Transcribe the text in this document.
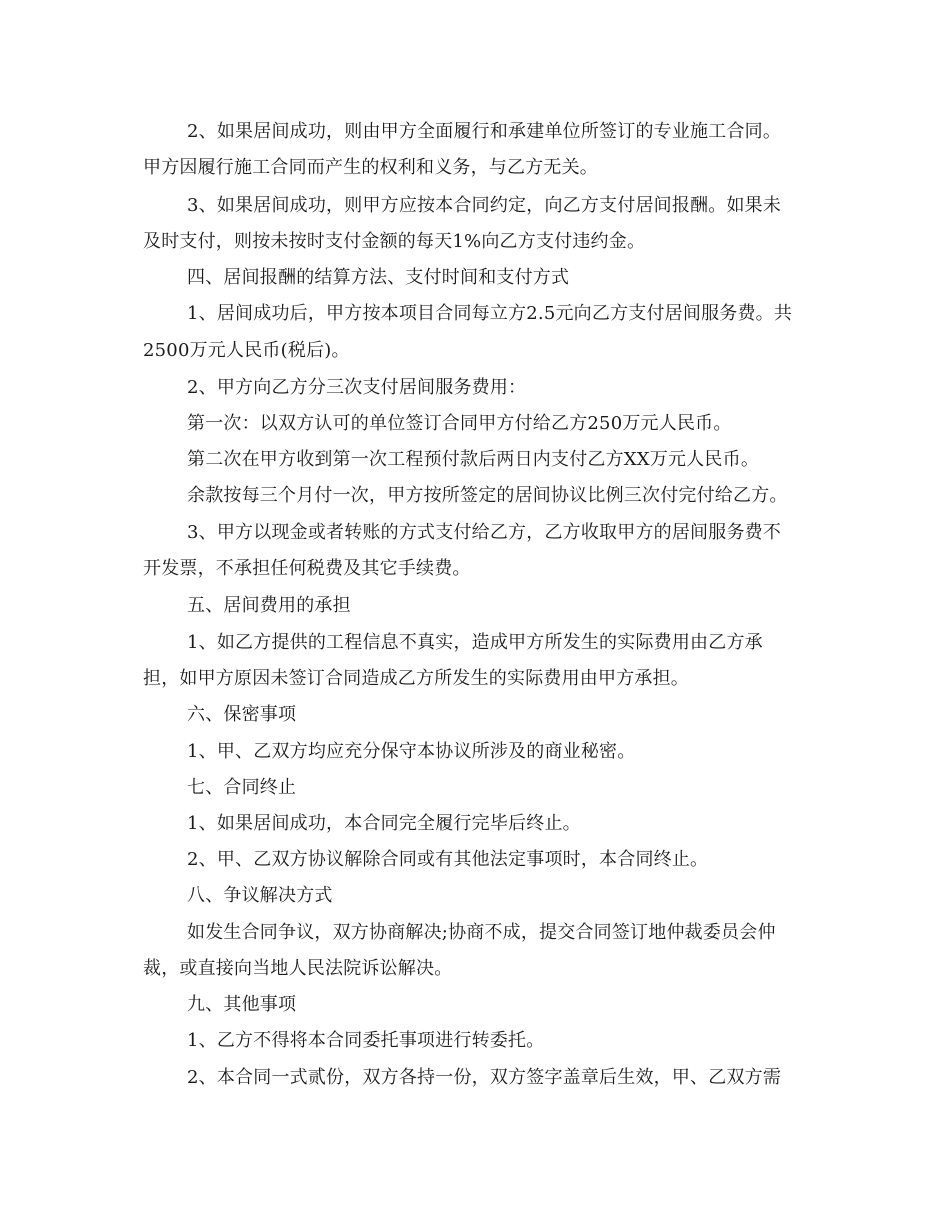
2、如果居间成功，则由甲方全面履行和承建单位所签订的专业施工合同。
甲方因履行施工合同而产生的权利和义务，与乙方无关。
3、如果居间成功，则甲方应按本合同约定，向乙方支付居间报酬。如果未
及时支付，则按未按时支付金额的每天1%向乙方支付违约金。
四、居间报酬的结算方法、支付时间和支付方式
1、居间成功后，甲方按本项目合同每立方2.5元向乙方支付居间服务费。共
2500万元人民币(税后)。
2、甲方向乙方分三次支付居间服务费用：
第一次：以双方认可的单位签订合同甲方付给乙方250万元人民币。
第二次在甲方收到第一次工程预付款后两日内支付乙方XX万元人民币。
余款按每三个月付一次，甲方按所签定的居间协议比例三次付完付给乙方。
3、甲方以现金或者转账的方式支付给乙方，乙方收取甲方的居间服务费不
开发票，不承担任何税费及其它手续费。
五、居间费用的承担
1、如乙方提供的工程信息不真实，造成甲方所发生的实际费用由乙方承
担，如甲方原因未签订合同造成乙方所发生的实际费用由甲方承担。
六、保密事项
1、甲、乙双方均应充分保守本协议所涉及的商业秘密。
七、合同终止
1、如果居间成功，本合同完全履行完毕后终止。
2、甲、乙双方协议解除合同或有其他法定事项时，本合同终止。
八、争议解决方式
如发生合同争议，双方协商解决;协商不成，提交合同签订地仲裁委员会仲
裁，或直接向当地人民法院诉讼解决。
九、其他事项
1、乙方不得将本合同委托事项进行转委托。
2、本合同一式贰份，双方各持一份，双方签字盖章后生效，甲、乙双方需
